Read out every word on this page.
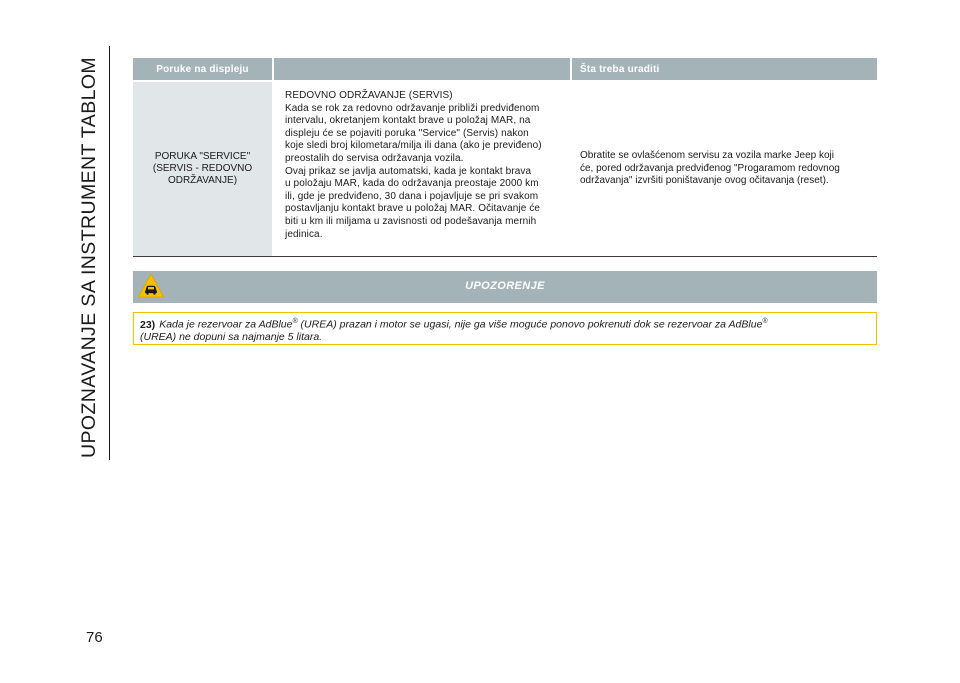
UPOZNAVANJE SA INSTRUMENT TABLOM
76
Poruke na displeju	Šta treba uraditi
PORUKA "SERVICE"
(SERVIS - REDOVNO
ODRŽAVANJE)
REDOVNO ODRŽAVANJE (SERVIS)
Kada se rok za redovno održavanje približi predviđenom
intervalu, okretanjem kontakt brave u položaj MAR, na
displeju će se pojaviti poruka "Service" (Servis) nakon
koje sledi broj kilometara/milja ili dana (ako je previđeno)
preostalih do servisa održavanja vozila.
Ovaj prikaz se javlja automatski, kada je kontakt brava
u položaju MAR, kada do održavanja preostaje 2000 km
ili, gde je predviđeno, 30 dana i pojavljuje se pri svakom
postavljanju kontakt brave u položaj MAR. Očitavanje će
biti u km ili miljama u zavisnosti od podešavanja mernih
jedinica.
Obratite se ovlašćenom servisu za vozila marke Jeep koji
će, pored održavanja predviđenog "Progaramom redovnog
održavanja" izvršiti poništavanje ovog očitavanja (reset).
UPOZORENJE
23) Kada je rezervoar za AdBlue® (UREA) prazan i motor se ugasi, nije ga više moguće ponovo pokrenuti dok se rezervoar za AdBlue®
(UREA) ne dopuni sa najmanje 5 litara.
